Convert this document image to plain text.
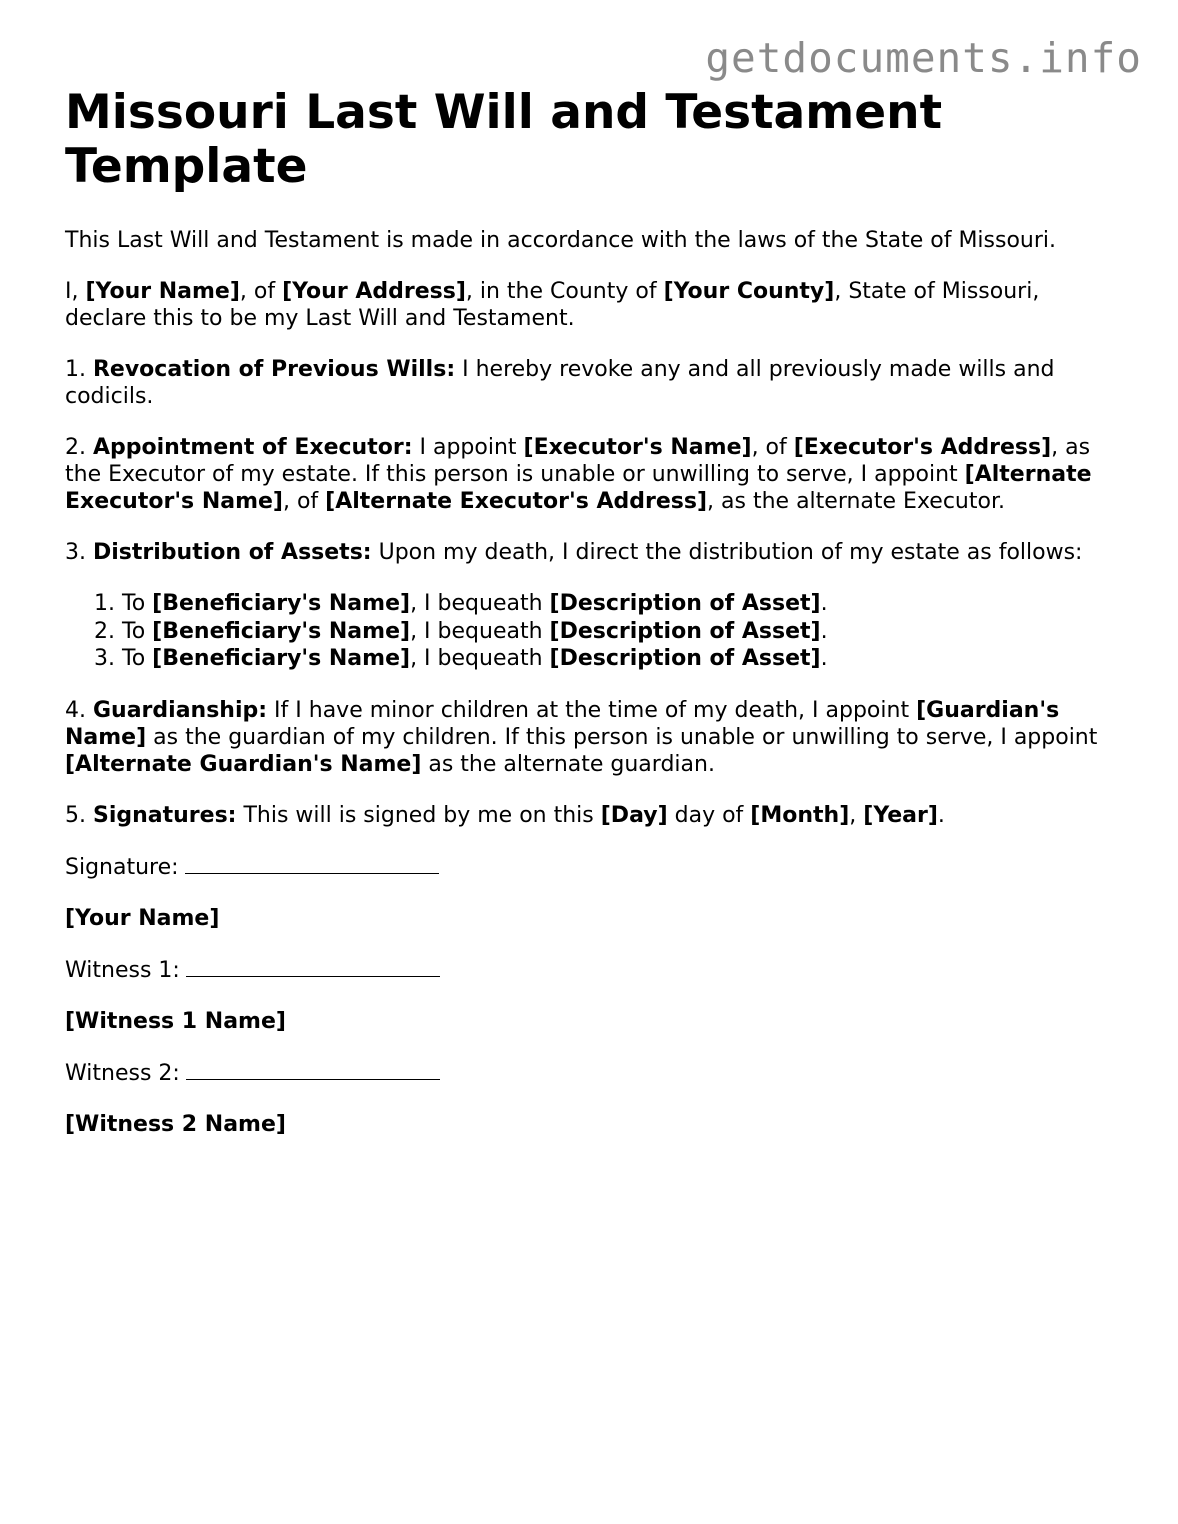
getdocuments.info
Missouri Last Will and Testament Template

This Last Will and Testament is made in accordance with the laws of the State of Missouri.

I, [Your Name], of [Your Address], in the County of [Your County], State of Missouri, declare this to be my Last Will and Testament.

1. Revocation of Previous Wills: I hereby revoke any and all previously made wills and codicils.

2. Appointment of Executor: I appoint [Executor's Name], of [Executor's Address], as the Executor of my estate. If this person is unable or unwilling to serve, I appoint [Alternate Executor's Name], of [Alternate Executor's Address], as the alternate Executor.

3. Distribution of Assets: Upon my death, I direct the distribution of my estate as follows:

1. To [Beneficiary's Name], I bequeath [Description of Asset].
2. To [Beneficiary's Name], I bequeath [Description of Asset].
3. To [Beneficiary's Name], I bequeath [Description of Asset].

4. Guardianship: If I have minor children at the time of my death, I appoint [Guardian's Name] as the guardian of my children. If this person is unable or unwilling to serve, I appoint [Alternate Guardian's Name] as the alternate guardian.

5. Signatures: This will is signed by me on this [Day] day of [Month], [Year].

Signature:

[Your Name]

Witness 1:

[Witness 1 Name]

Witness 2:

[Witness 2 Name]
